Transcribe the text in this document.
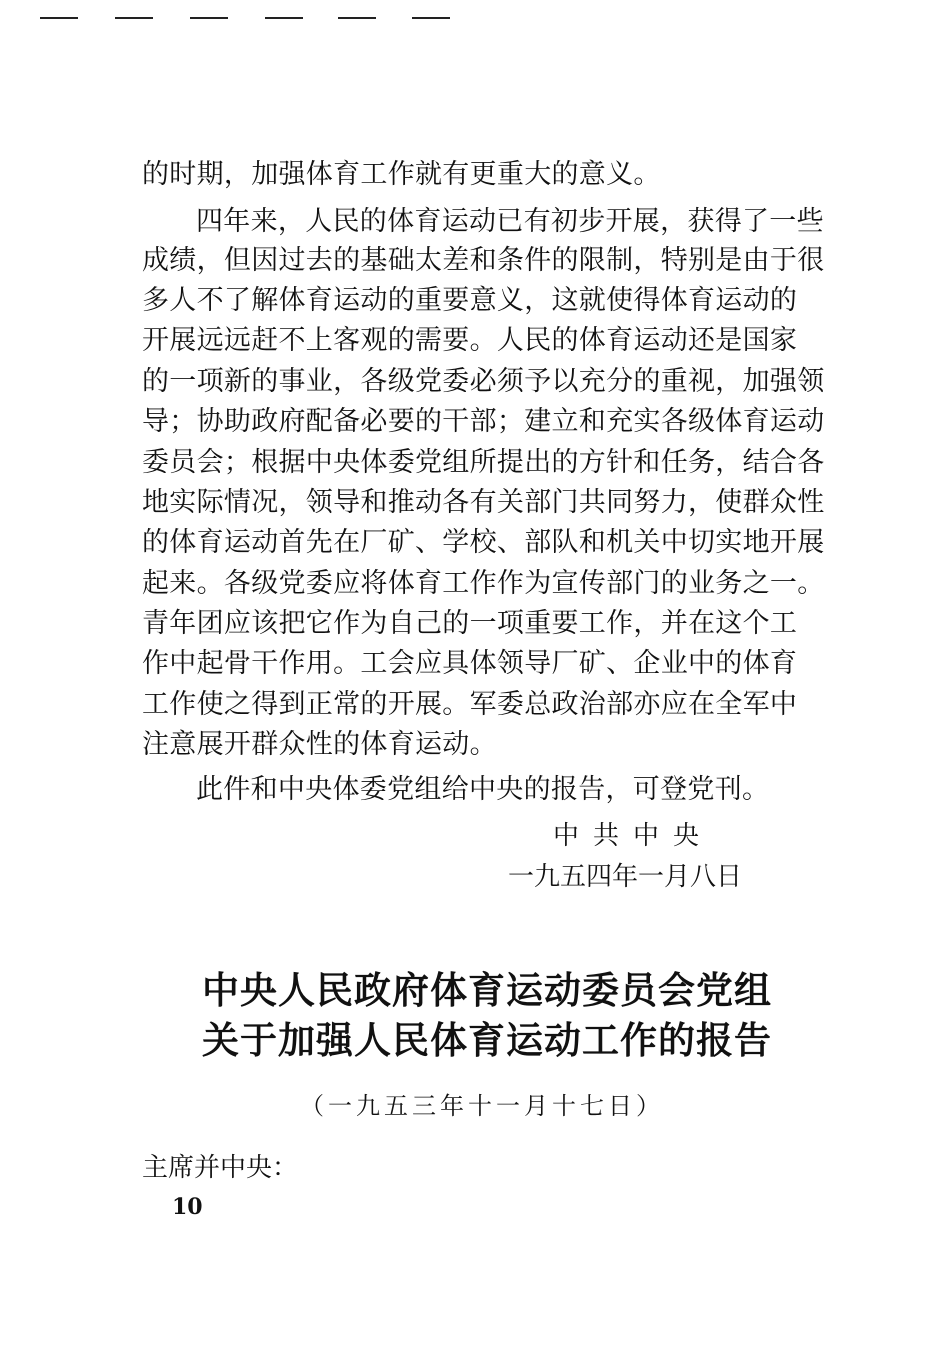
的时期，加强体育工作就有更重大的意义。
四年来，人民的体育运动已有初步开展，获得了一些
成绩，但因过去的基础太差和条件的限制，特别是由于很
多人不了解体育运动的重要意义，这就使得体育运动的
开展远远赶不上客观的需要。人民的体育运动还是国家
的一项新的事业，各级党委必须予以充分的重视，加强领
导；协助政府配备必要的干部；建立和充实各级体育运动
委员会；根据中央体委党组所提出的方针和任务，结合各
地实际情况，领导和推动各有关部门共同努力，使群众性
的体育运动首先在厂矿、学校、部队和机关中切实地开展
起来。各级党委应将体育工作作为宣传部门的业务之一。
青年团应该把它作为自己的一项重要工作，并在这个工
作中起骨干作用。工会应具体领导厂矿、企业中的体育
工作使之得到正常的开展。军委总政治部亦应在全军中
注意展开群众性的体育运动。
此件和中央体委党组给中央的报告，可登党刊。
中共中央
一九五四年一月八日
中央人民政府体育运动委员会党组
关于加强人民体育运动工作的报告
（一九五三年十一月十七日）
主席并中央：
10
